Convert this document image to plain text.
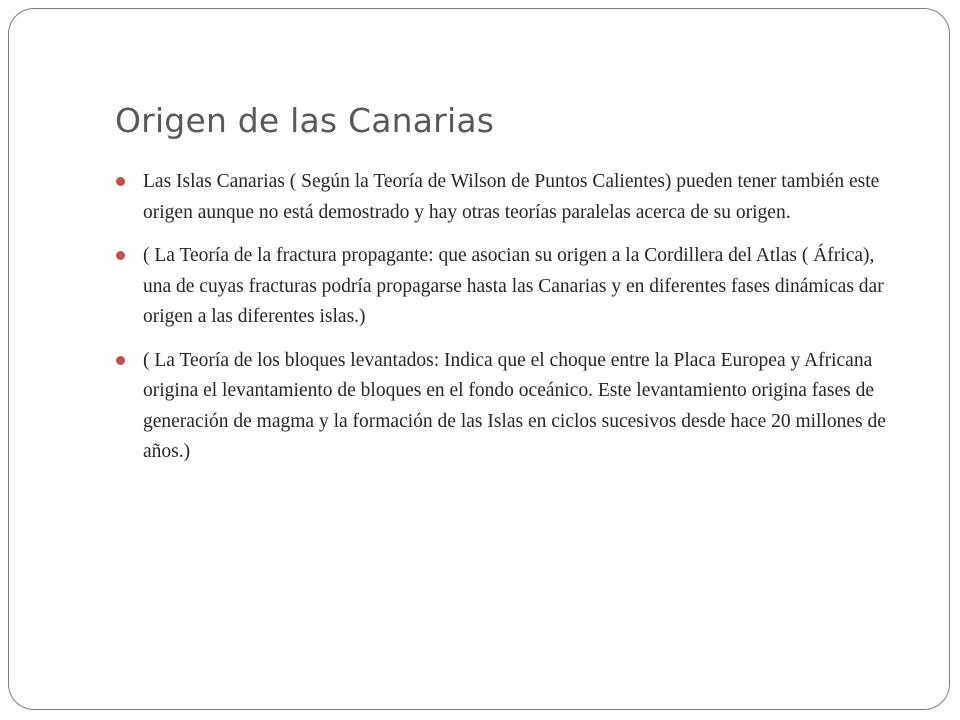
Origen de las Canarias
Las Islas Canarias ( Según la Teoría de Wilson de Puntos Calientes) pueden tener también este origen aunque no está demostrado y hay otras teorías paralelas acerca de su origen.
( La Teoría de la fractura propagante: que asocian su origen a la Cordillera del Atlas ( África), una de cuyas fracturas podría propagarse hasta las Canarias y en diferentes fases dinámicas dar origen a las diferentes islas.)
( La Teoría de los bloques levantados: Indica que el choque entre la Placa Europea y Africana origina el levantamiento de bloques en el fondo oceánico. Este levantamiento origina fases de generación de magma y la formación de las Islas en ciclos sucesivos desde hace 20 millones de años.)
